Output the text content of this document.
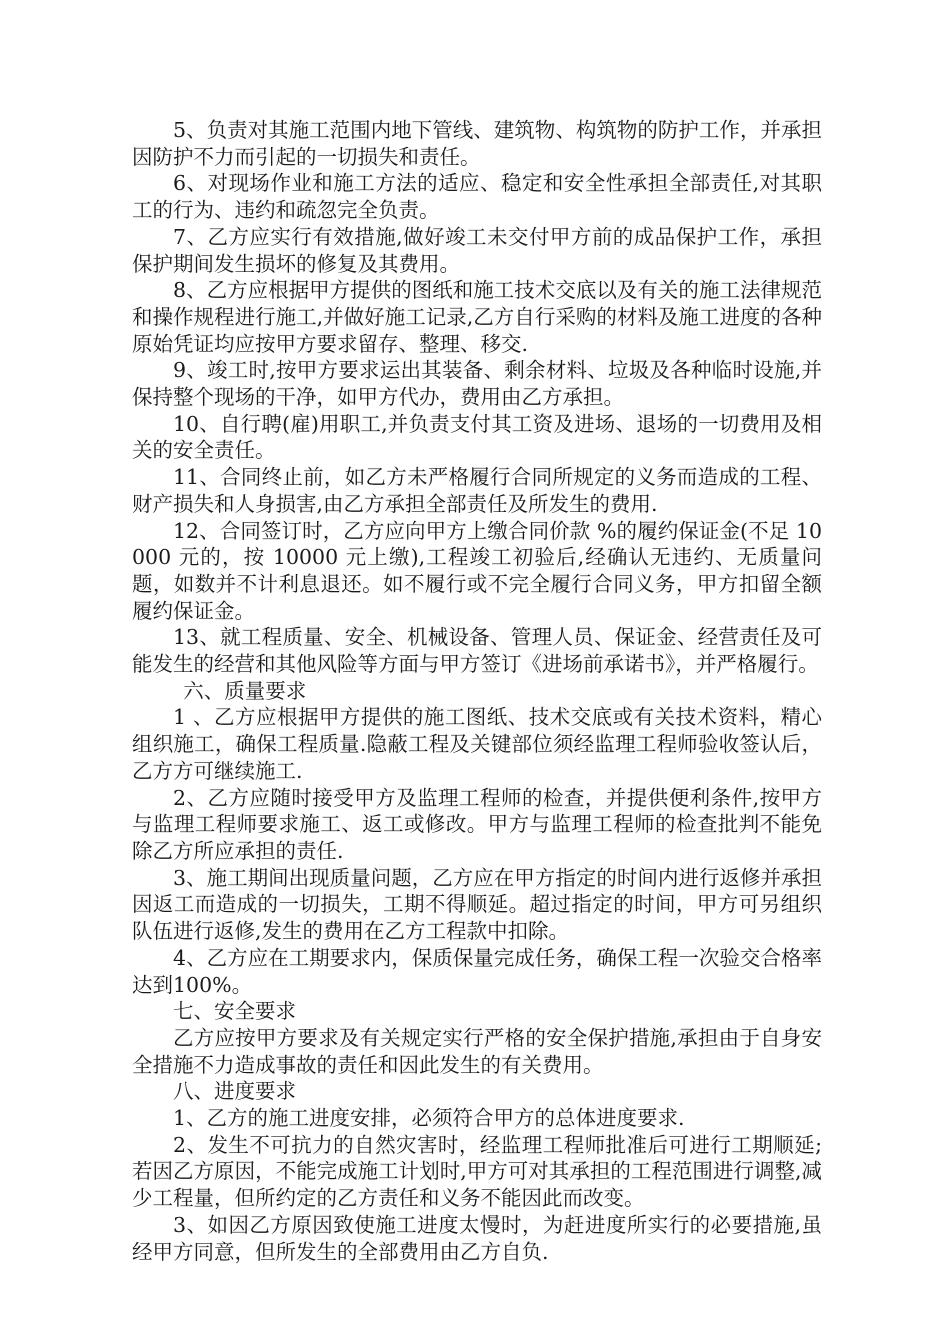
5、负责对其施工范围内地下管线、建筑物、构筑物的防护工作，并承担因防护不力而引起的一切损失和责任。

6、对现场作业和施工方法的适应、稳定和安全性承担全部责任,对其职工的行为、违约和疏忽完全负责。

7、乙方应实行有效措施,做好竣工未交付甲方前的成品保护工作，承担保护期间发生损坏的修复及其费用。

8、乙方应根据甲方提供的图纸和施工技术交底以及有关的施工法律规范和操作规程进行施工,并做好施工记录,乙方自行采购的材料及施工进度的各种原始凭证均应按甲方要求留存、整理、移交.

9、竣工时,按甲方要求运出其装备、剩余材料、垃圾及各种临时设施,并保持整个现场的干净，如甲方代办，费用由乙方承担。

10、自行聘(雇)用职工,并负责支付其工资及进场、退场的一切费用及相关的安全责任。

11、合同终止前，如乙方未严格履行合同所规定的义务而造成的工程、财产损失和人身损害,由乙方承担全部责任及所发生的费用.

12、合同签订时，乙方应向甲方上缴合同价款 %的履约保证金(不足 10000 元的，按 10000 元上缴),工程竣工初验后,经确认无违约、无质量问题，如数并不计利息退还。如不履行或不完全履行合同义务，甲方扣留全额履约保证金。

13、就工程质量、安全、机械设备、管理人员、保证金、经营责任及可能发生的经营和其他风险等方面与甲方签订《进场前承诺书》，并严格履行。

六、质量要求

1 、乙方应根据甲方提供的施工图纸、技术交底或有关技术资料，精心组织施工，确保工程质量.隐蔽工程及关键部位须经监理工程师验收签认后，乙方方可继续施工.

2、乙方应随时接受甲方及监理工程师的检查，并提供便利条件,按甲方与监理工程师要求施工、返工或修改。甲方与监理工程师的检查批判不能免除乙方所应承担的责任.

3、施工期间出现质量问题，乙方应在甲方指定的时间内进行返修并承担因返工而造成的一切损失，工期不得顺延。超过指定的时间，甲方可另组织队伍进行返修,发生的费用在乙方工程款中扣除。

4、乙方应在工期要求内，保质保量完成任务，确保工程一次验交合格率达到100%。

七、安全要求

乙方应按甲方要求及有关规定实行严格的安全保护措施,承担由于自身安全措施不力造成事故的责任和因此发生的有关费用。

八、进度要求

1、乙方的施工进度安排，必须符合甲方的总体进度要求.

2、发生不可抗力的自然灾害时，经监理工程师批准后可进行工期顺延;若因乙方原因，不能完成施工计划时,甲方可对其承担的工程范围进行调整,减少工程量，但所约定的乙方责任和义务不能因此而改变。

3、如因乙方原因致使施工进度太慢时，为赶进度所实行的必要措施,虽经甲方同意，但所发生的全部费用由乙方自负.
